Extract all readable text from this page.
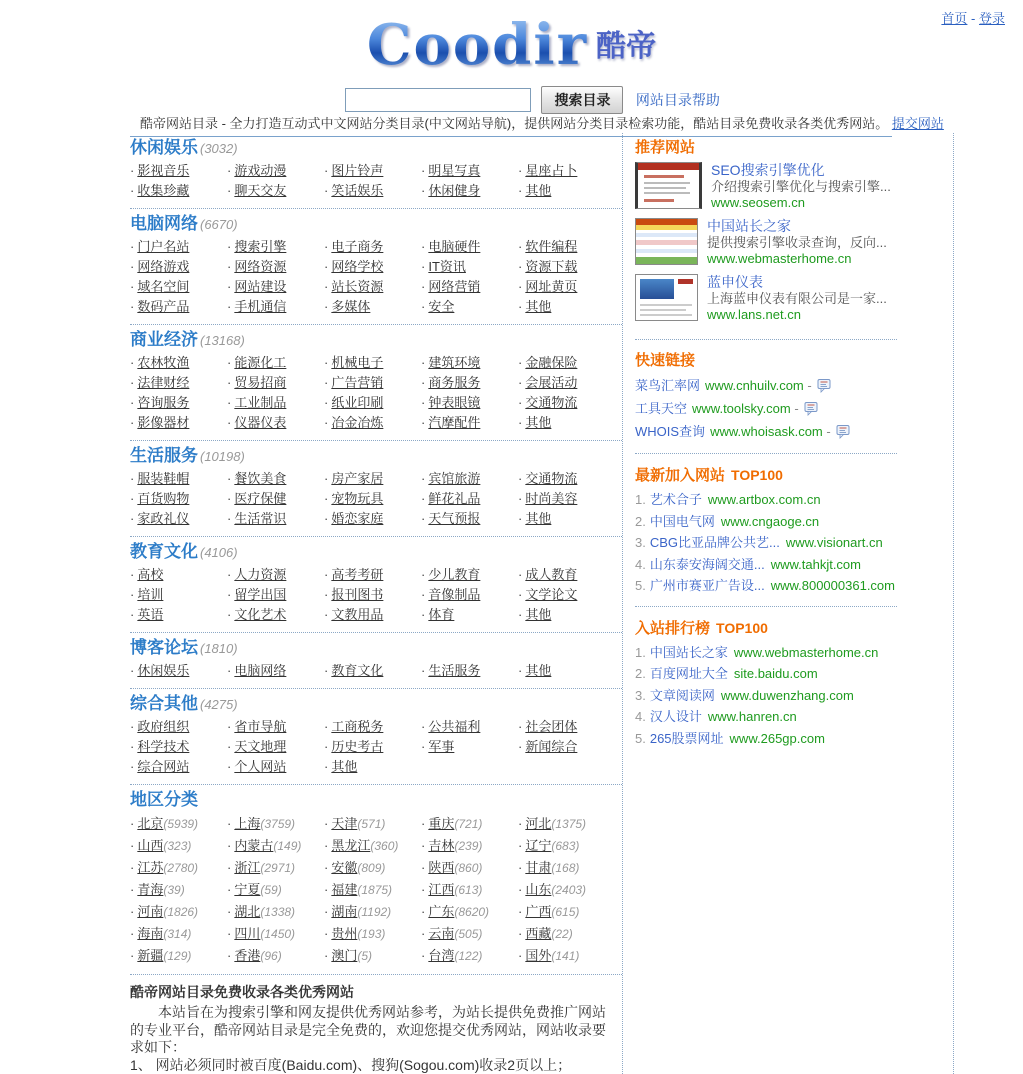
首页 - 登录
Coodir 酷帝
搜索目录 网站目录帮助
酷帝网站目录 - 全力打造互动式中文网站分类目录(中文网站导航)，提供网站分类目录检索功能，酷站目录免费收录各类优秀网站。 提交网站
休闲娱乐 (3032)
· 影视音乐	· 游戏动漫	· 图片铃声	· 明星写真	· 星座占卜
· 收集珍藏	· 聊天交友	· 笑话娱乐	· 休闲健身	· 其他
电脑网络 (6670)
· 门户名站	· 搜索引擎	· 电子商务	· 电脑硬件	· 软件编程
· 网络游戏	· 网络资源	· 网络学校	· IT资讯	· 资源下载
· 域名空间	· 网站建设	· 站长资源	· 网络营销	· 网址黄页
· 数码产品	· 手机通信	· 多媒体	· 安全	· 其他
商业经济 (13168)
· 农林牧渔	· 能源化工	· 机械电子	· 建筑环境	· 金融保险
· 法律财经	· 贸易招商	· 广告营销	· 商务服务	· 会展活动
· 咨询服务	· 工业制品	· 纸业印刷	· 钟表眼镜	· 交通物流
· 影像器材	· 仪器仪表	· 冶金冶炼	· 汽摩配件	· 其他
生活服务 (10198)
· 服装鞋帽	· 餐饮美食	· 房产家居	· 宾馆旅游	· 交通物流
· 百货购物	· 医疗保健	· 宠物玩具	· 鲜花礼品	· 时尚美容
· 家政礼仪	· 生活常识	· 婚恋家庭	· 天气预报	· 其他
教育文化 (4106)
· 高校	· 人力资源	· 高考考研	· 少儿教育	· 成人教育
· 培训	· 留学出国	· 报刊图书	· 音像制品	· 文学论文
· 英语	· 文化艺术	· 文教用品	· 体育	· 其他
博客论坛 (1810)
· 休闲娱乐	· 电脑网络	· 教育文化	· 生活服务	· 其他
综合其他 (4275)
· 政府组织	· 省市导航	· 工商税务	· 公共福利	· 社会团体
· 科学技术	· 天文地理	· 历史考古	· 军事	· 新闻综合
· 综合网站	· 个人网站	· 其他
地区分类
· 北京(5939)	· 上海(3759)	· 天津(571)	· 重庆(721)	· 河北(1375)
· 山西(323)	· 内蒙古(149)	· 黑龙江(360)	· 吉林(239)	· 辽宁(683)
· 江苏(2780)	· 浙江(2971)	· 安徽(809)	· 陕西(860)	· 甘肃(168)
· 青海(39)	· 宁夏(59)	· 福建(1875)	· 江西(613)	· 山东(2403)
· 河南(1826)	· 湖北(1338)	· 湖南(1192)	· 广东(8620)	· 广西(615)
· 海南(314)	· 四川(1450)	· 贵州(193)	· 云南(505)	· 西藏(22)
· 新疆(129)	· 香港(96)	· 澳门(5)	· 台湾(122)	· 国外(141)
酷帝网站目录免费收录各类优秀网站

本站旨在为搜索引擎和网友提供优秀网站参考，为站长提供免费推广网站的专业平台，酷帝网站目录是完全免费的，欢迎您提交优秀网站，网站收录要求如下：

1、 网站必须同时被百度(Baidu.com)、搜狗(Sogou.com)收录2页以上；

推荐网站
SEO搜索引擎优化
介绍搜索引擎优化与搜索引擎...
www.seosem.cn
中国站长之家
提供搜索引擎收录查询，反向...
www.webmasterhome.cn
蓝申仪表
上海蓝申仪表有限公司是一家...
www.lans.net.cn
快速链接
菜鸟汇率网 www.cnhuilv.com -
工具天空 www.toolsky.com -
WHOIS查询 www.whoisask.com -
最新加入网站 TOP100
1. 艺术合子 www.artbox.com.cn
2. 中国电气网 www.cngaoge.cn
3. CBG比亚品牌公共艺... www.visionart.cn
4. 山东泰安海阔交通... www.tahkjt.com
5. 广州市赛亚广告设... www.800000361.com
入站排行榜 TOP100
1. 中国站长之家 www.webmasterhome.cn
2. 百度网址大全 site.baidu.com
3. 文章阅读网 www.duwenzhang.com
4. 汉人设计 www.hanren.cn
5. 265股票网址 www.265gp.com
